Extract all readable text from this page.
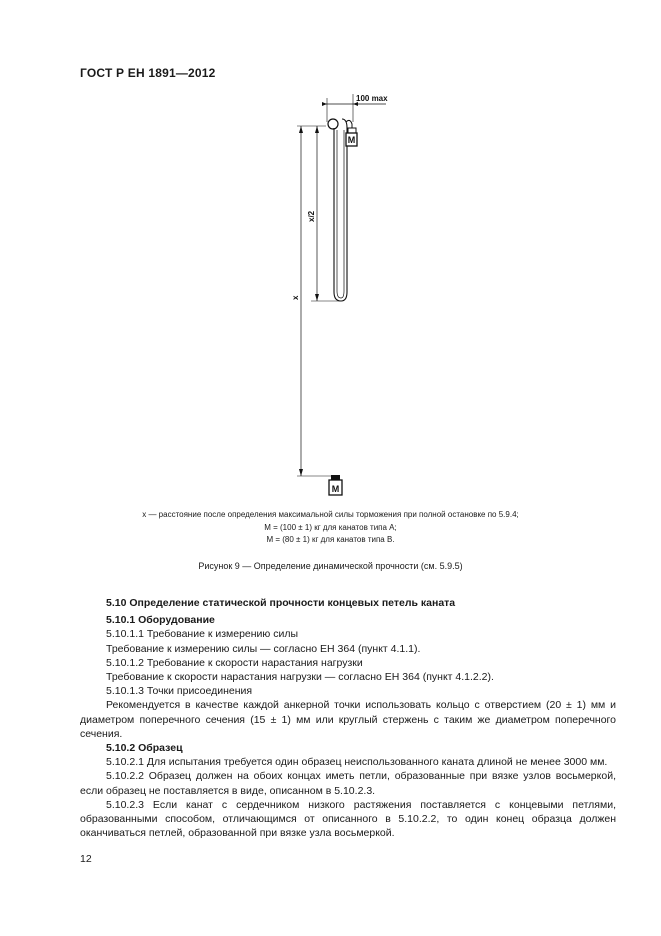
ГОСТ Р ЕН 1891—2012
100 max
x
x/2
M
M
x — расстояние после определения максимальной силы торможения при полной остановке по 5.9.4;
M = (100 ± 1) кг для канатов типа A;
M = (80 ± 1) кг для канатов типа B.
Рисунок 9 — Определение динамической прочности (см. 5.9.5)

5.10 Определение статической прочности концевых петель каната

5.10.1 Оборудование

5.10.1.1 Требование к измерению силы

Требование к измерению силы — согласно ЕН 364 (пункт 4.1.1).

5.10.1.2 Требование к скорости нарастания нагрузки

Требование к скорости нарастания нагрузки — согласно ЕН 364 (пункт 4.1.2.2).

5.10.1.3 Точки присоединения

Рекомендуется в качестве каждой анкерной точки использовать кольцо с отверстием (20 ± 1) мм и диаметром поперечного сечения (15 ± 1) мм или круглый стержень с таким же диаметром поперечного сечения.

5.10.2 Образец

5.10.2.1 Для испытания требуется один образец неиспользованного каната длиной не менее 3000 мм.

5.10.2.2 Образец должен на обоих концах иметь петли, образованные при вязке узлов восьмеркой, если образец не поставляется в виде, описанном в 5.10.2.3.

5.10.2.3 Если канат с сердечником низкого растяжения поставляется с концевыми петлями, образованными способом, отличающимся от описанного в 5.10.2.2, то один конец образца должен оканчиваться петлей, образованной при вязке узла восьмеркой.

12
